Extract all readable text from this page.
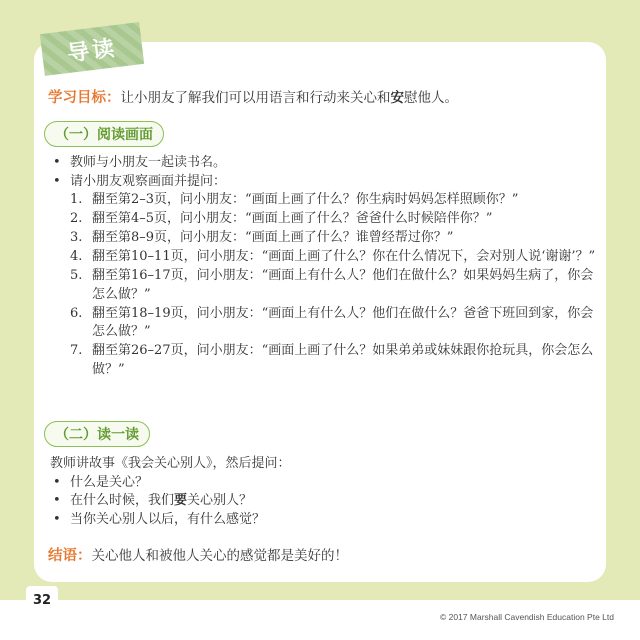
导读
学习目标：让小朋友了解我们可以用语言和行动来关心和安慰他人。
（一）阅读画面
• 教师与小朋友一起读书名。
• 请小朋友观察画面并提问：
1. 翻至第2–3页，问小朋友：“画面上画了什么？你生病时妈妈怎样照顾你？”
2. 翻至第4–5页，问小朋友：“画面上画了什么？爸爸什么时候陪伴你？”
3. 翻至第8–9页，问小朋友：“画面上画了什么？谁曾经帮过你？”
4. 翻至第10–11页，问小朋友：“画面上画了什么？你在什么情况下，会对别人说‘谢谢’？”
5. 翻至第16–17页，问小朋友：“画面上有什么人？他们在做什么？如果妈妈生病了，你会怎么做？”
6. 翻至第18–19页，问小朋友：“画面上有什么人？他们在做什么？爸爸下班回到家，你会怎么做？”
7. 翻至第26–27页，问小朋友：“画面上画了什么？如果弟弟或妹妹跟你抢玩具，你会怎么做？”
（二）读一读

教师讲故事《我会关心别人》，然后提问：

• 什么是关心？
• 在什么时候，我们要关心别人？
• 当你关心别人以后，有什么感觉？
结语：关心他人和被他人关心的感觉都是美好的！
32
© 2017 Marshall Cavendish Education Pte Ltd
